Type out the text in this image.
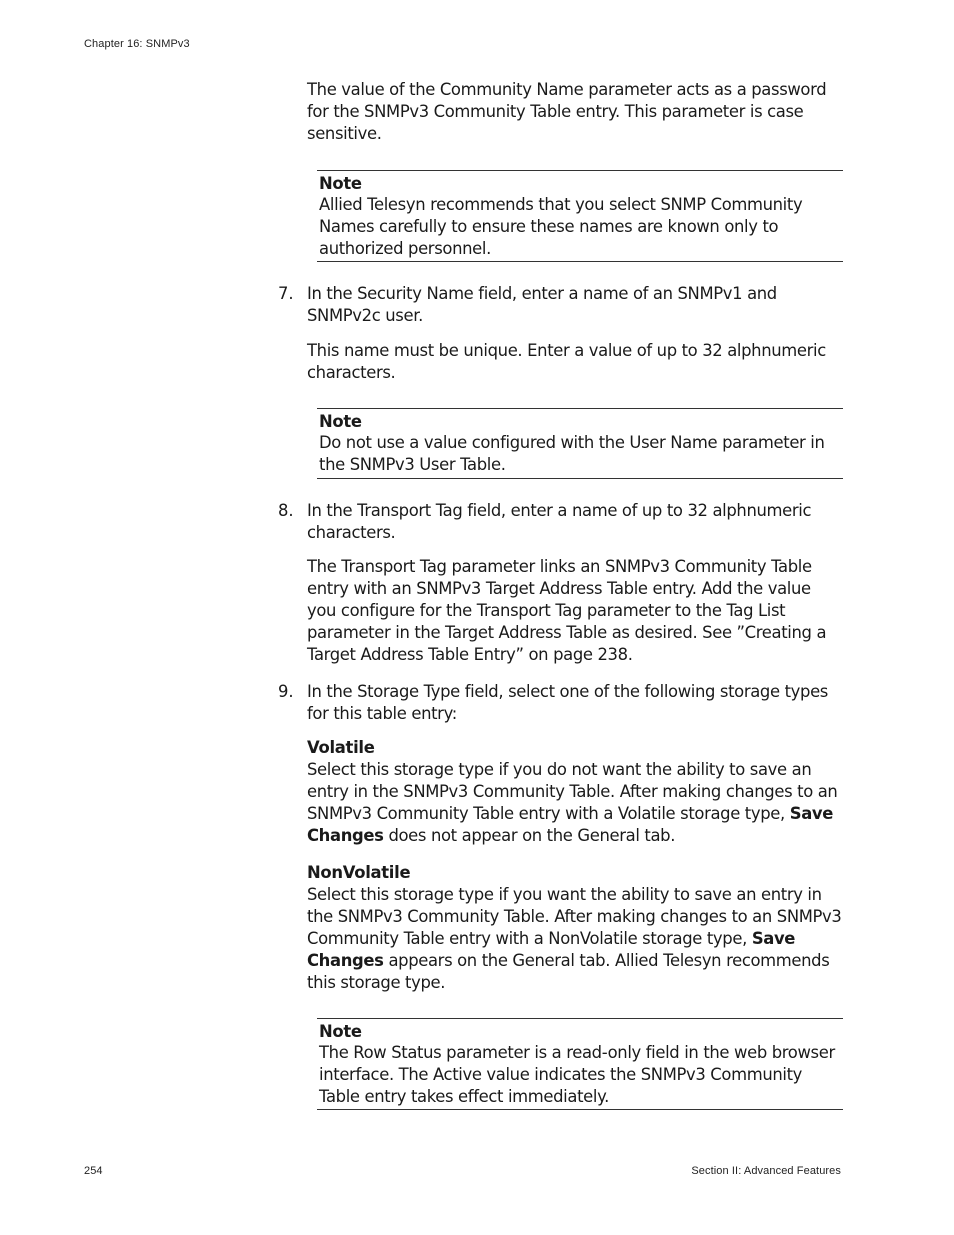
Chapter 16: SNMPv3

The value of the Community Name parameter acts as a password for the SNMPv3 Community Table entry. This parameter is case sensitive.

Note
Allied Telesyn recommends that you select SNMP Community Names carefully to ensure these names are known only to authorized personnel.
7. In the Security Name field, enter a name of an SNMPv1 and SNMPv2c user.

This name must be unique. Enter a value of up to 32 alphnumeric characters.

Note
Do not use a value configured with the User Name parameter in the SNMPv3 User Table.
8. In the Transport Tag field, enter a name of up to 32 alphnumeric characters.

The Transport Tag parameter links an SNMPv3 Community Table entry with an SNMPv3 Target Address Table entry. Add the value you configure for the Transport Tag parameter to the Tag List parameter in the Target Address Table as desired. See ”Creating a Target Address Table Entry” on page 238.

9. In the Storage Type field, select one of the following storage types for this table entry:

Volatile

Select this storage type if you do not want the ability to save an entry in the SNMPv3 Community Table. After making changes to an SNMPv3 Community Table entry with a Volatile storage type, Save Changes does not appear on the General tab.

NonVolatile

Select this storage type if you want the ability to save an entry in the SNMPv3 Community Table. After making changes to an SNMPv3 Community Table entry with a NonVolatile storage type, Save Changes appears on the General tab. Allied Telesyn recommends this storage type.

Note
The Row Status parameter is a read-only field in the web browser interface. The Active value indicates the SNMPv3 Community Table entry takes effect immediately.
254	Section II: Advanced Features
